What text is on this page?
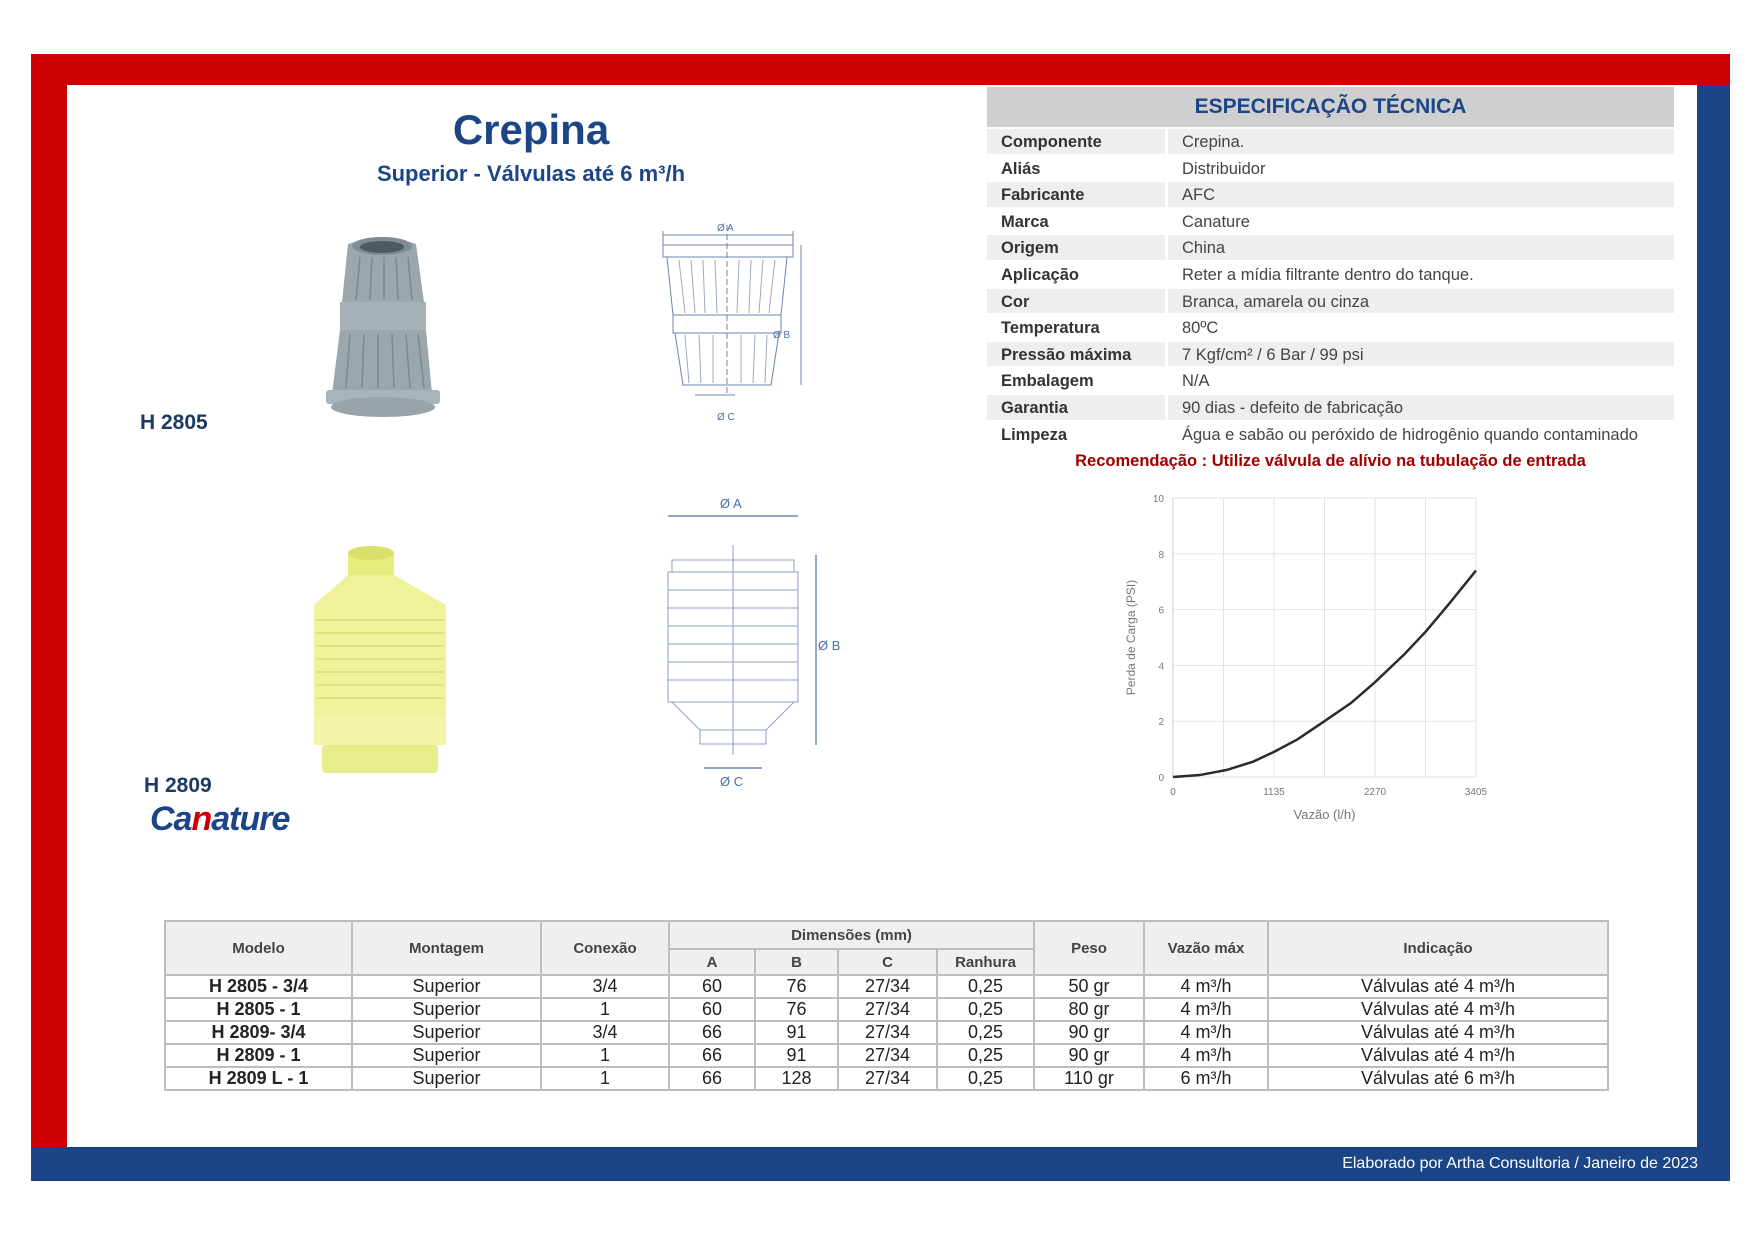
Elaborado por Artha Consultoria / Janeiro de 2023
Crepina
Superior - Válvulas até 6 m³/h
H 2805
Ø A
Ø B
Ø C
H 2809
Canature
Ø A
Ø B
Ø C
ESPECIFICAÇÃO TÉCNICA
Componente	Crepina.
Aliás	Distribuidor
Fabricante	AFC
Marca	Canature
Origem	China
Aplicação	Reter a mídia filtrante dentro do tanque.
Cor	Branca, amarela ou cinza
Temperatura	80ºC
Pressão máxima	7 Kgf/cm² / 6 Bar / 99 psi
Embalagem	N/A
Garantia	90 dias - defeito de fabricação
Limpeza	Água e sabão ou peróxido de hidrogênio quando contaminado
Recomendação : Utilize válvula de alívio na tubulação de entrada
0
2
4
6
8
10
0	1135	2270	3405
Vazão (l/h)
Perda de Carga (PSI)
Modelo	Montagem	Conexão	Dimensões (mm)				Peso	Vazão máx	Indicação
			A	B	C	Ranhura			
H 2805 - 3/4	Superior	3/4	60	76	27/34	0,25	50 gr	4 m³/h	Válvulas até 4 m³/h
H 2805 - 1	Superior	1	60	76	27/34	0,25	80 gr	4 m³/h	Válvulas até 4 m³/h
H 2809- 3/4	Superior	3/4	66	91	27/34	0,25	90 gr	4 m³/h	Válvulas até 4 m³/h
H 2809 - 1	Superior	1	66	91	27/34	0,25	90 gr	4 m³/h	Válvulas até 4 m³/h
H 2809 L - 1	Superior	1	66	128	27/34	0,25	110 gr	6 m³/h	Válvulas até 6 m³/h
